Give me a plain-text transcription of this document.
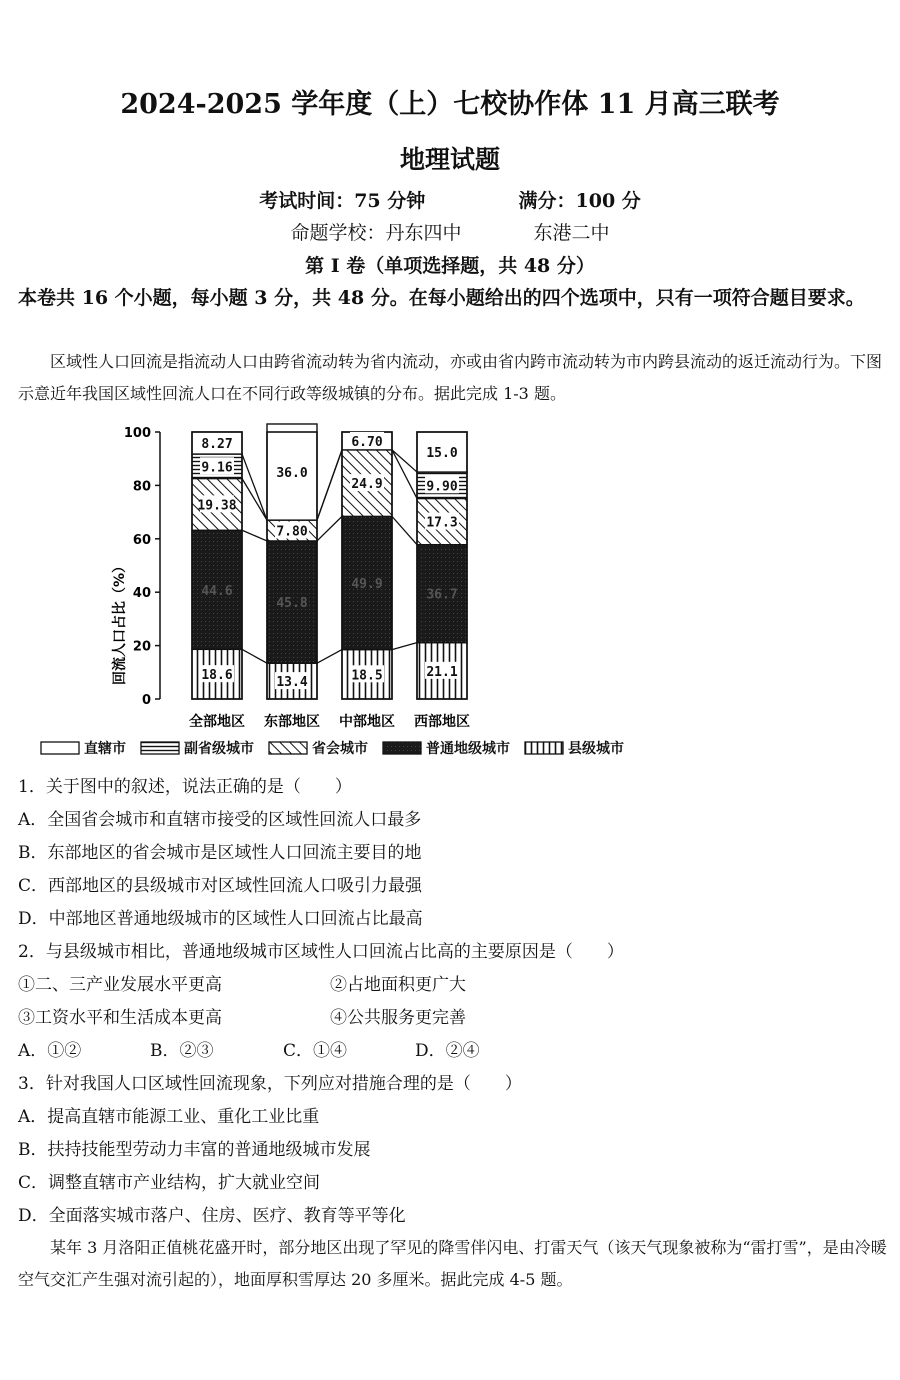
2024-2025 学年度（上）七校协作体 11 月高三联考
地理试题
考试时间：75 分钟	满分：100 分
命题学校：丹东四中	东港二中
第 I 卷（单项选择题，共 48 分）
本卷共 16 个小题，每小题 3 分，共 48 分。在每小题给出的四个选项中，只有一项符合题目要求。
区域性人口回流是指流动人口由跨省流动转为省内流动，亦或由省内跨市流动转为市内跨县流动的返迁流动行为。下图示意近年我国区域性回流人口在不同行政等级城镇的分布。据此完成 1-3 题。
回流人口占比（%）
0
20
40
60
80
100
18.6
44.6
19.38
9.16
8.27
13.4
45.8
7.80
36.0
18.5
49.9
24.9
6.70
21.1
36.7
17.3
9.90
15.0
全部地区 东部地区 中部地区 西部地区
直辖市	副省级城市	省会城市	普通地级城市	县级城市
1．关于图中的叙述，说法正确的是（　　）
A．全国省会城市和直辖市接受的区域性回流人口最多
B．东部地区的省会城市是区域性人口回流主要目的地
C．西部地区的县级城市对区域性回流人口吸引力最强
D．中部地区普通地级城市的区域性人口回流占比最高
2．与县级城市相比，普通地级城市区域性人口回流占比高的主要原因是（　　）
①二、三产业发展水平更高	②占地面积更广大
③工资水平和生活成本更高	④公共服务更完善
A．①②	B．②③	C．①④	D．②④
3．针对我国人口区域性回流现象，下列应对措施合理的是（　　）
A．提高直辖市能源工业、重化工业比重
B．扶持技能型劳动力丰富的普通地级城市发展
C．调整直辖市产业结构，扩大就业空间
D．全面落实城市落户、住房、医疗、教育等平等化
某年 3 月洛阳正值桃花盛开时，部分地区出现了罕见的降雪伴闪电、打雷天气（该天气现象被称为“雷打雪”，是由冷暖空气交汇产生强对流引起的），地面厚积雪厚达 20 多厘米。据此完成 4-5 题。
